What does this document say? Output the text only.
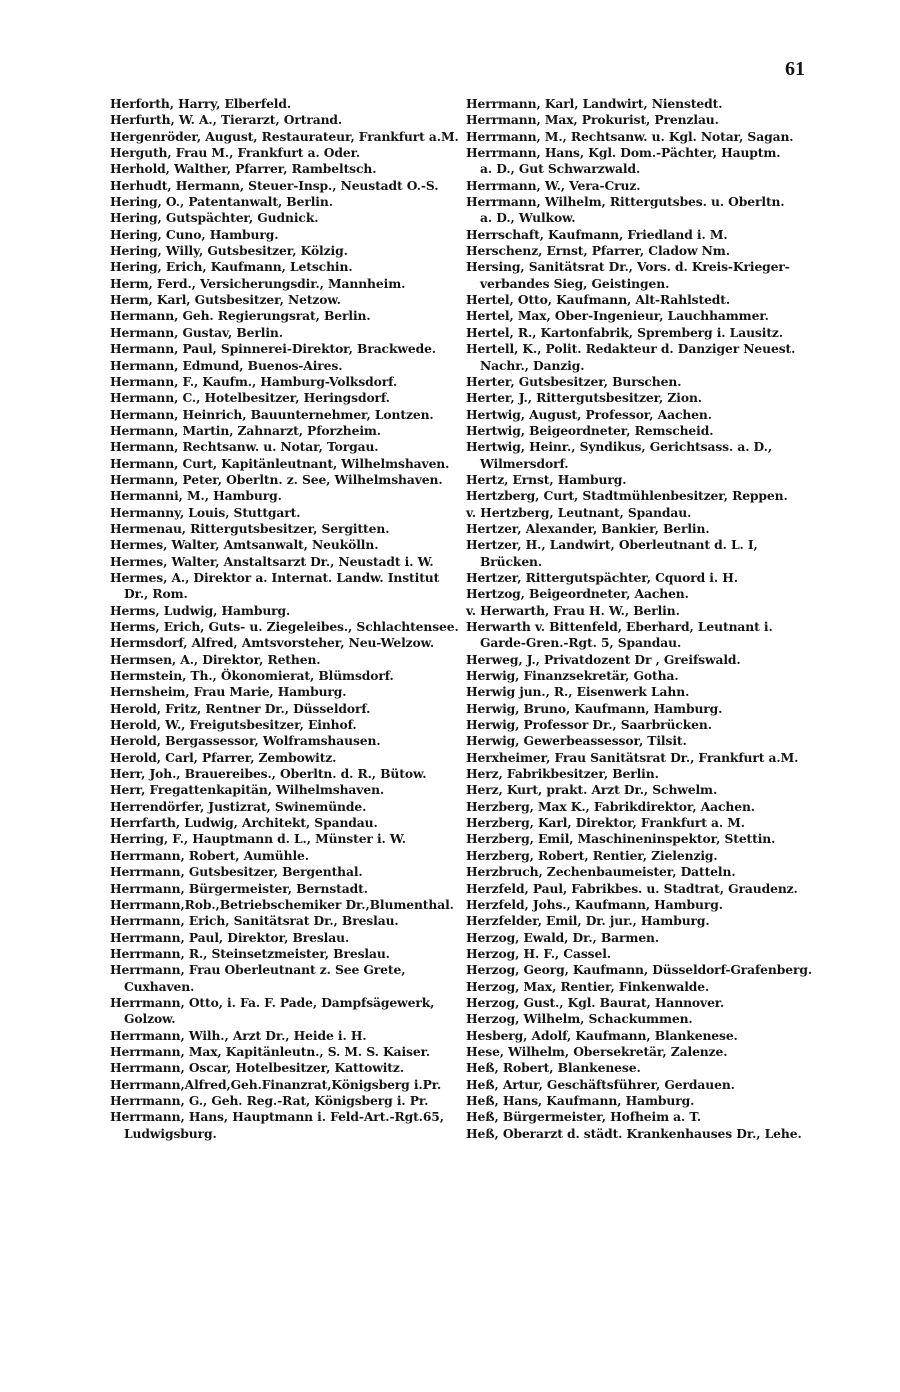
61
Herforth, Harry, Elberfeld.
Herfurth, W. A., Tierarzt, Ortrand.
Hergenröder, August, Restaurateur, Frankfurt a.M.
Herguth, Frau M., Frankfurt a. Oder.
Herhold, Walther, Pfarrer, Rambeltsch.
Herhudt, Hermann, Steuer-Insp., Neustadt O.-S.
Hering, O., Patentanwalt, Berlin.
Hering, Gutspächter, Gudnick.
Hering, Cuno, Hamburg.
Hering, Willy, Gutsbesitzer, Kölzig.
Hering, Erich, Kaufmann, Letschin.
Herm, Ferd., Versicherungsdir., Mannheim.
Herm, Karl, Gutsbesitzer, Netzow.
Hermann, Geh. Regierungsrat, Berlin.
Hermann, Gustav, Berlin.
Hermann, Paul, Spinnerei-Direktor, Brackwede.
Hermann, Edmund, Buenos-Aires.
Hermann, F., Kaufm., Hamburg-Volksdorf.
Hermann, C., Hotelbesitzer, Heringsdorf.
Hermann, Heinrich, Bauunternehmer, Lontzen.
Hermann, Martin, Zahnarzt, Pforzheim.
Hermann, Rechtsanw. u. Notar, Torgau.
Hermann, Curt, Kapitänleutnant, Wilhelmshaven.
Hermann, Peter, Oberltn. z. See, Wilhelmshaven.
Hermanni, M., Hamburg.
Hermanny, Louis, Stuttgart.
Hermenau, Rittergutsbesitzer, Sergitten.
Hermes, Walter, Amtsanwalt, Neukölln.
Hermes, Walter, Anstaltsarzt Dr., Neustadt i. W.
Hermes, A., Direktor a. Internat. Landw. Institut
Dr., Rom.
Herms, Ludwig, Hamburg.
Herms, Erich, Guts- u. Ziegeleibes., Schlachtensee.
Hermsdorf, Alfred, Amtsvorsteher, Neu-Welzow.
Hermsen, A., Direktor, Rethen.
Hermstein, Th., Ökonomierat, Blümsdorf.
Hernsheim, Frau Marie, Hamburg.
Herold, Fritz, Rentner Dr., Düsseldorf.
Herold, W., Freigutsbesitzer, Einhof.
Herold, Bergassessor, Wolframshausen.
Herold, Carl, Pfarrer, Zembowitz.
Herr, Joh., Brauereibes., Oberltn. d. R., Bütow.
Herr, Fregattenkapitän, Wilhelmshaven.
Herrendörfer, Justizrat, Swinemünde.
Herrfarth, Ludwig, Architekt, Spandau.
Herring, F., Hauptmann d. L., Münster i. W.
Herrmann, Robert, Aumühle.
Herrmann, Gutsbesitzer, Bergenthal.
Herrmann, Bürgermeister, Bernstadt.
Herrmann,Rob.,Betriebschemiker Dr.,Blumenthal.
Herrmann, Erich, Sanitätsrat Dr., Breslau.
Herrmann, Paul, Direktor, Breslau.
Herrmann, R., Steinsetzmeister, Breslau.
Herrmann, Frau Oberleutnant z. See Grete,
Cuxhaven.
Herrmann, Otto, i. Fa. F. Pade, Dampfsägewerk,
Golzow.
Herrmann, Wilh., Arzt Dr., Heide i. H.
Herrmann, Max, Kapitänleutn., S. M. S. Kaiser.
Herrmann, Oscar, Hotelbesitzer, Kattowitz.
Herrmann,Alfred,Geh.Finanzrat,Königsberg i.Pr.
Herrmann, G., Geh. Reg.-Rat, Königsberg i. Pr.
Herrmann, Hans, Hauptmann i. Feld-Art.-Rgt.65,
Ludwigsburg.
Herrmann, Karl, Landwirt, Nienstedt.
Herrmann, Max, Prokurist, Prenzlau.
Herrmann, M., Rechtsanw. u. Kgl. Notar, Sagan.
Herrmann, Hans, Kgl. Dom.-Pächter, Hauptm.
a. D., Gut Schwarzwald.
Herrmann, W., Vera-Cruz.
Herrmann, Wilhelm, Rittergutsbes. u. Oberltn.
a. D., Wulkow.
Herrschaft, Kaufmann, Friedland i. M.
Herschenz, Ernst, Pfarrer, Cladow Nm.
Hersing, Sanitätsrat Dr., Vors. d. Kreis-Krieger-
verbandes Sieg, Geistingen.
Hertel, Otto, Kaufmann, Alt-Rahlstedt.
Hertel, Max, Ober-Ingenieur, Lauchhammer.
Hertel, R., Kartonfabrik, Spremberg i. Lausitz.
Hertell, K., Polit. Redakteur d. Danziger Neuest.
Nachr., Danzig.
Herter, Gutsbesitzer, Burschen.
Herter, J., Rittergutsbesitzer, Zion.
Hertwig, August, Professor, Aachen.
Hertwig, Beigeordneter, Remscheid.
Hertwig, Heinr., Syndikus, Gerichtsass. a. D.,
Wilmersdorf.
Hertz, Ernst, Hamburg.
Hertzberg, Curt, Stadtmühlenbesitzer, Reppen.
v. Hertzberg, Leutnant, Spandau.
Hertzer, Alexander, Bankier, Berlin.
Hertzer, H., Landwirt, Oberleutnant d. L. I,
Brücken.
Hertzer, Rittergutspächter, Cquord i. H.
Hertzog, Beigeordneter, Aachen.
v. Herwarth, Frau H. W., Berlin.
Herwarth v. Bittenfeld, Eberhard, Leutnant i.
Garde-Gren.-Rgt. 5, Spandau.
Herweg, J., Privatdozent Dr , Greifswald.
Herwig, Finanzsekretär, Gotha.
Herwig jun., R., Eisenwerk Lahn.
Herwig, Bruno, Kaufmann, Hamburg.
Herwig, Professor Dr., Saarbrücken.
Herwig, Gewerbeassessor, Tilsit.
Herxheimer, Frau Sanitätsrat Dr., Frankfurt a.M.
Herz, Fabrikbesitzer, Berlin.
Herz, Kurt, prakt. Arzt Dr., Schwelm.
Herzberg, Max K., Fabrikdirektor, Aachen.
Herzberg, Karl, Direktor, Frankfurt a. M.
Herzberg, Emil, Maschineninspektor, Stettin.
Herzberg, Robert, Rentier, Zielenzig.
Herzbruch, Zechenbaumeister, Datteln.
Herzfeld, Paul, Fabrikbes. u. Stadtrat, Graudenz.
Herzfeld, Johs., Kaufmann, Hamburg.
Herzfelder, Emil, Dr. jur., Hamburg.
Herzog, Ewald, Dr., Barmen.
Herzog, H. F., Cassel.
Herzog, Georg, Kaufmann, Düsseldorf-Grafenberg.
Herzog, Max, Rentier, Finkenwalde.
Herzog, Gust., Kgl. Baurat, Hannover.
Herzog, Wilhelm, Schackummen.
Hesberg, Adolf, Kaufmann, Blankenese.
Hese, Wilhelm, Obersekretär, Zalenze.
Heß, Robert, Blankenese.
Heß, Artur, Geschäftsführer, Gerdauen.
Heß, Hans, Kaufmann, Hamburg.
Heß, Bürgermeister, Hofheim a. T.
Heß, Oberarzt d. städt. Krankenhauses Dr., Lehe.
